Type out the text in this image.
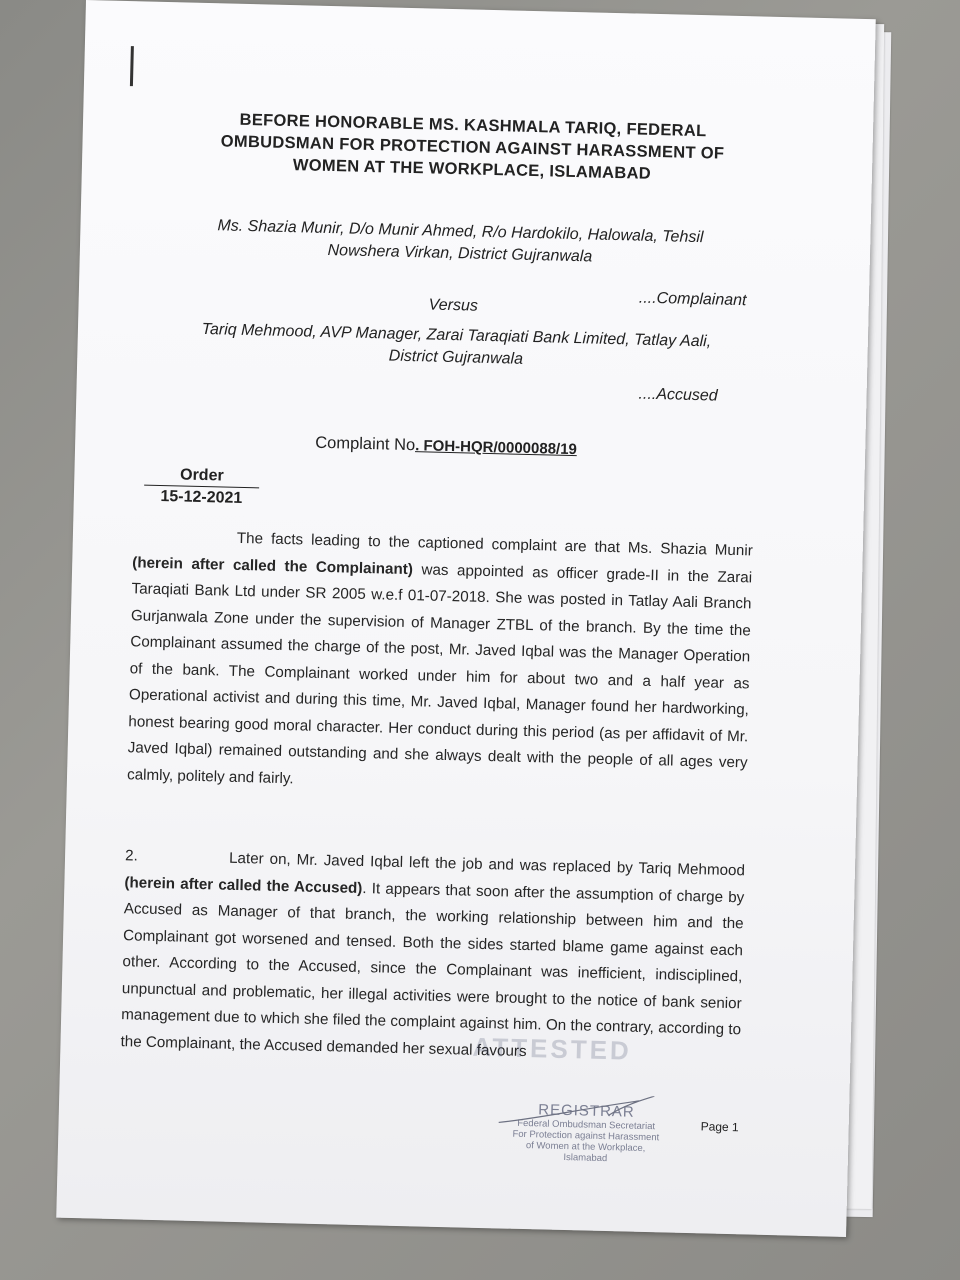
BEFORE HONORABLE MS. KASHMALA TARIQ, FEDERAL
OMBUDSMAN FOR PROTECTION AGAINST HARASSMENT OF
WOMEN AT THE WORKPLACE, ISLAMABAD
Ms. Shazia Munir, D/o Munir Ahmed, R/o Hardokilo, Halowala, Tehsil
Nowshera Virkan, District Gujranwala
....Complainant
Versus
Tariq Mehmood, AVP Manager, Zarai Taraqiati Bank Limited, Tatlay Aali,
District Gujranwala
....Accused
Complaint No. FOH-HQR/0000088/19
Order
15-12-2021
The facts leading to the captioned complaint are that Ms. Shazia Munir (herein after called the Complainant) was appointed as officer grade-II in the Zarai Taraqiati Bank Ltd under SR 2005 w.e.f 01-07-2018. She was posted in Tatlay Aali Branch Gurjanwala Zone under the supervision of Manager ZTBL of the branch. By the time the Complainant assumed the charge of the post, Mr. Javed Iqbal was the Manager Operation of the bank. The Complainant worked under him for about two and a half year as Operational activist and during this time, Mr. Javed Iqbal, Manager found her hardworking, honest bearing good moral character. Her conduct during this period (as per affidavit of Mr. Javed Iqbal) remained outstanding and she always dealt with the people of all ages very calmly, politely and fairly.
2.	Later on, Mr. Javed Iqbal left the job and was replaced by Tariq Mehmood (herein after called the Accused). It appears that soon after the assumption of charge by Accused as Manager of that branch, the working relationship between him and the Complainant got worsened and tensed. Both the sides started blame game against each other. According to the Accused, since the Complainant was inefficient, indisciplined, unpunctual and problematic, her illegal activities were brought to the notice of bank senior management due to which she filed the complaint against him. On the contrary, according to the Complainant, the Accused demanded her sexual favours
ATTESTED
REGISTRAR
Federal Ombudsman Secretariat
For Protection against Harassment
of Women at the Workplace,
Islamabad
Page 1
